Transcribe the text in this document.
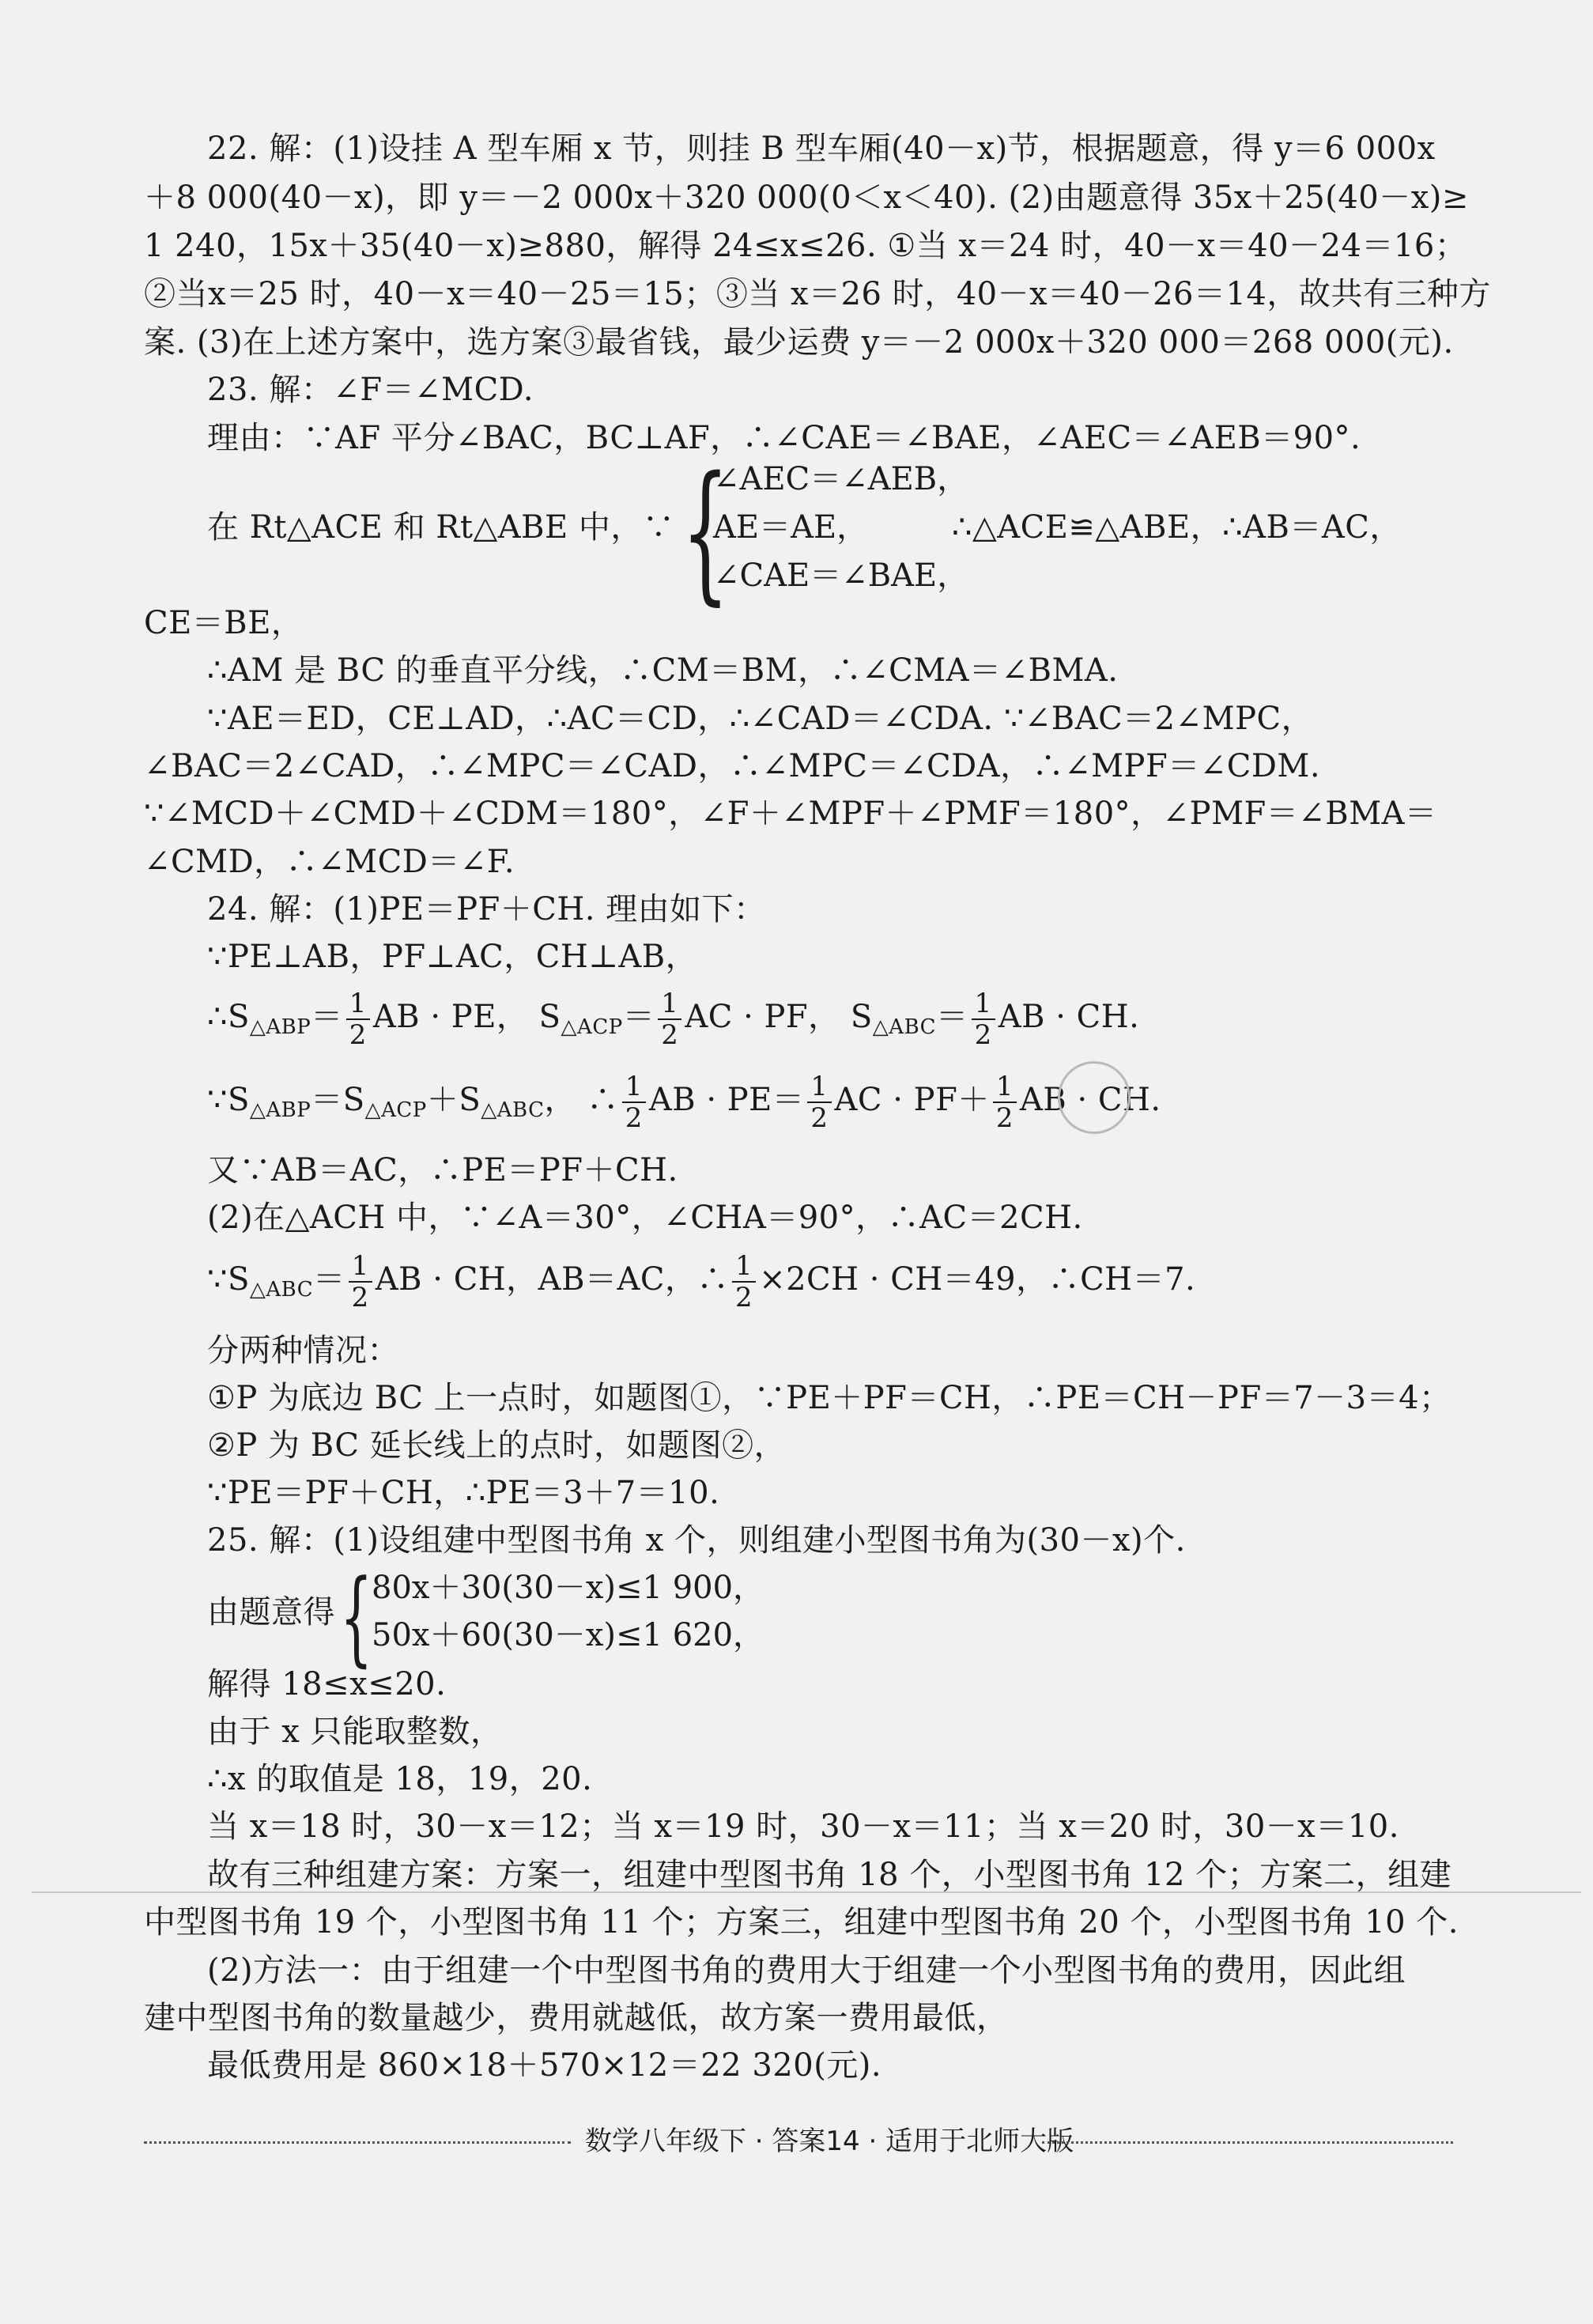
22. 解：(1)设挂 A 型车厢 x 节，则挂 B 型车厢(40－x)节，根据题意，得 y＝6 000x
＋8 000(40－x)，即 y＝－2 000x＋320 000(0＜x＜40). (2)由题意得 35x＋25(40－x)≥
1 240，15x＋35(40－x)≥880，解得 24≤x≤26. ①当 x＝24 时，40－x＝40－24＝16；
②当x＝25 时，40－x＝40－25＝15；③当 x＝26 时，40－x＝40－26＝14，故共有三种方
案. (3)在上述方案中，选方案③最省钱，最少运费 y＝－2 000x＋320 000＝268 000(元).
23. 解：∠F＝∠MCD.
理由：∵AF 平分∠BAC，BC⊥AF，∴∠CAE＝∠BAE，∠AEC＝∠AEB＝90°.
在 Rt△ACE 和 Rt△ABE 中，∵ {
∠AEC＝∠AEB，
AE＝AE，
∠CAE＝∠BAE，
∴△ACE≌△ABE，∴AB＝AC，
CE＝BE，
∴AM 是 BC 的垂直平分线，∴CM＝BM，∴∠CMA＝∠BMA.
∵AE＝ED，CE⊥AD，∴AC＝CD，∴∠CAD＝∠CDA. ∵∠BAC＝2∠MPC，
∠BAC＝2∠CAD，∴∠MPC＝∠CAD，∴∠MPC＝∠CDA，∴∠MPF＝∠CDM.
∵∠MCD＋∠CMD＋∠CDM＝180°，∠F＋∠MPF＋∠PMF＝180°，∠PMF＝∠BMA＝
∠CMD，∴∠MCD＝∠F.
24. 解：(1)PE＝PF＋CH. 理由如下：
∵PE⊥AB，PF⊥AC，CH⊥AB，
$\therefore S_{\triangle ABP}= \frac{1}{2}$ AB · PE， $S_{\triangle ACP}= \frac{1}{2}$ AC · PF， $S_{\triangle ABC}= \frac{1}{2}$ AB · CH.
$\because S_{\triangle ABP}=S_{\triangle ACP}+S_{\triangle ABC}$， ∴ $\frac{1}{2}$ AB · $PE= \frac{1}{2}$ AC · $PF+ \frac{1}{2}$ AB · CH.
又∵AB＝AC，∴PE＝PF＋CH.
(2)在△ACH 中，∵∠A＝30°，∠CHA＝90°，∴AC＝2CH.
$\because S_{\triangle ABC}= \frac{1}{2}$ AB · CH，AB＝AC，∴ $\frac{1}{2} \times 2CH \cdot CH=49$，∴CH＝7.
分两种情况：
①P 为底边 BC 上一点时，如题图①，∵PE＋PF＝CH，∴PE＝CH－PF＝7－3＝4；
②P 为 BC 延长线上的点时，如题图②，
∵PE＝PF＋CH，∴PE＝3＋7＝10.
25. 解：(1)设组建中型图书角 x 个，则组建小型图书角为(30－x)个.
由题意得 {
80x＋30(30－x)≤1 900，
50x＋60(30－x)≤1 620，
解得 18≤x≤20.
由于 x 只能取整数，
∴x 的取值是 18，19，20.
当 x＝18 时，30－x＝12；当 x＝19 时，30－x＝11；当 x＝20 时，30－x＝10.
故有三种组建方案：方案一，组建中型图书角 18 个，小型图书角 12 个；方案二，组建
中型图书角 19 个，小型图书角 11 个；方案三，组建中型图书角 20 个，小型图书角 10 个.
(2)方法一：由于组建一个中型图书角的费用大于组建一个小型图书角的费用，因此组
建中型图书角的数量越少，费用就越低，故方案一费用最低，
最低费用是 860×18＋570×12＝22 320(元).
数学八年级下 · 答案14 · 适用于北师大版
